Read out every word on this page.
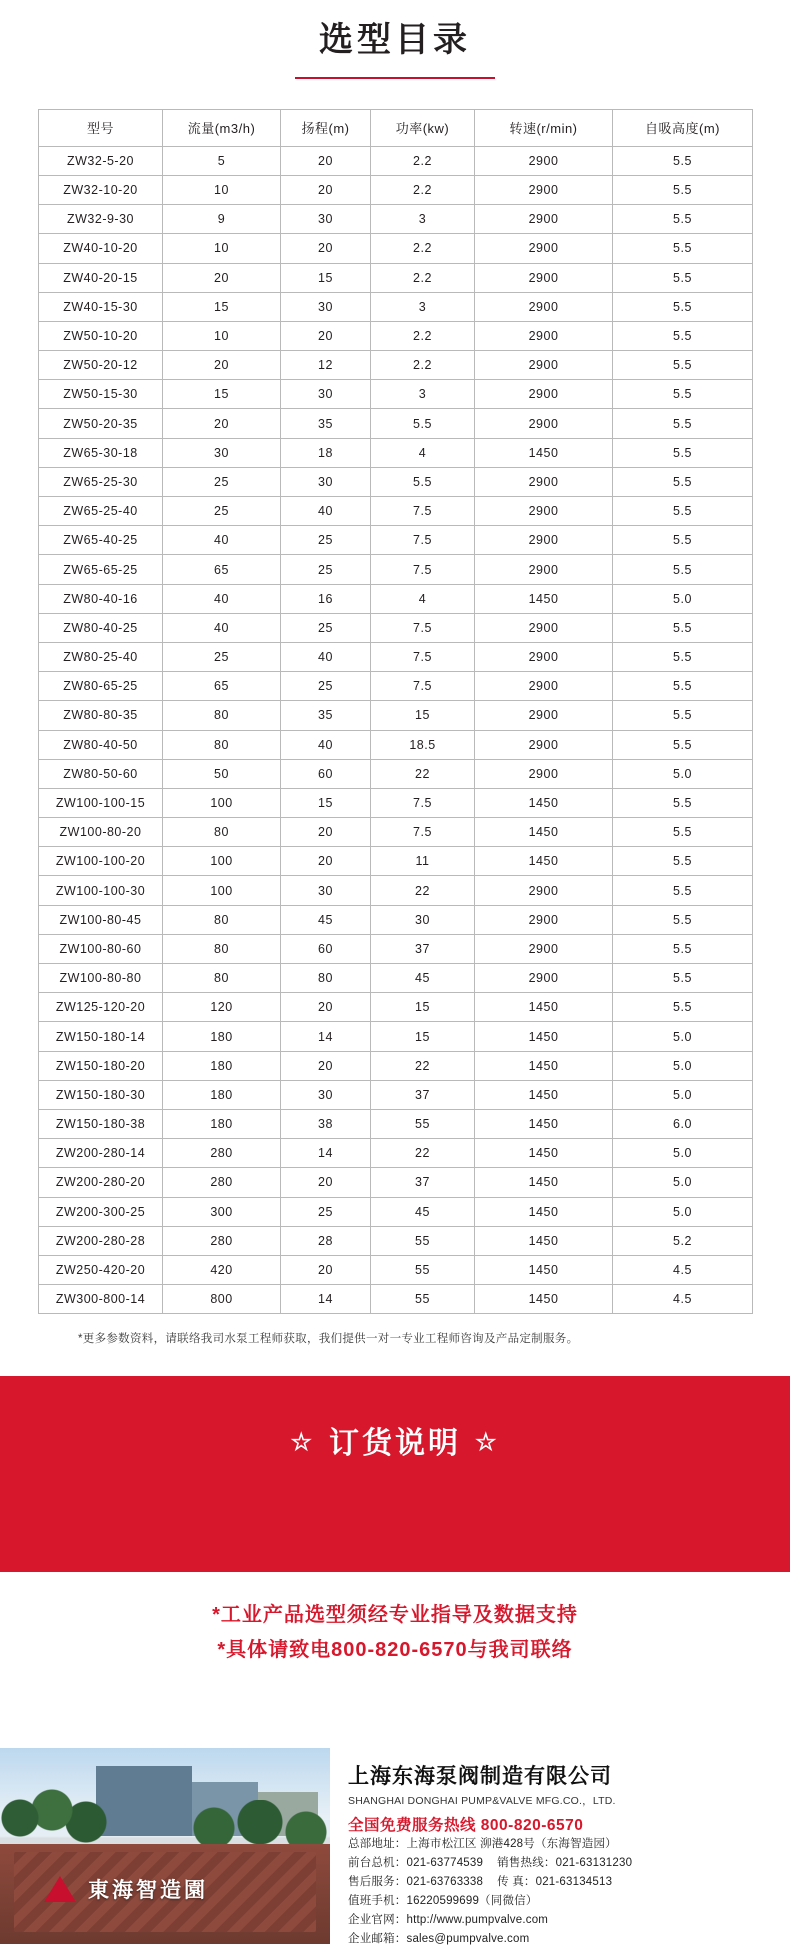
选型目录
型号	流量(m3/h)	扬程(m)	功率(kw)	转速(r/min)	自吸高度(m)
ZW32-5-20	5	20	2.2	2900	5.5
ZW32-10-20	10	20	2.2	2900	5.5
ZW32-9-30	9	30	3	2900	5.5
ZW40-10-20	10	20	2.2	2900	5.5
ZW40-20-15	20	15	2.2	2900	5.5
ZW40-15-30	15	30	3	2900	5.5
ZW50-10-20	10	20	2.2	2900	5.5
ZW50-20-12	20	12	2.2	2900	5.5
ZW50-15-30	15	30	3	2900	5.5
ZW50-20-35	20	35	5.5	2900	5.5
ZW65-30-18	30	18	4	1450	5.5
ZW65-25-30	25	30	5.5	2900	5.5
ZW65-25-40	25	40	7.5	2900	5.5
ZW65-40-25	40	25	7.5	2900	5.5
ZW65-65-25	65	25	7.5	2900	5.5
ZW80-40-16	40	16	4	1450	5.0
ZW80-40-25	40	25	7.5	2900	5.5
ZW80-25-40	25	40	7.5	2900	5.5
ZW80-65-25	65	25	7.5	2900	5.5
ZW80-80-35	80	35	15	2900	5.5
ZW80-40-50	80	40	18.5	2900	5.5
ZW80-50-60	50	60	22	2900	5.0
ZW100-100-15	100	15	7.5	1450	5.5
ZW100-80-20	80	20	7.5	1450	5.5
ZW100-100-20	100	20	11	1450	5.5
ZW100-100-30	100	30	22	2900	5.5
ZW100-80-45	80	45	30	2900	5.5
ZW100-80-60	80	60	37	2900	5.5
ZW100-80-80	80	80	45	2900	5.5
ZW125-120-20	120	20	15	1450	5.5
ZW150-180-14	180	14	15	1450	5.0
ZW150-180-20	180	20	22	1450	5.0
ZW150-180-30	180	30	37	1450	5.0
ZW150-180-38	180	38	55	1450	6.0
ZW200-280-14	280	14	22	1450	5.0
ZW200-280-20	280	20	37	1450	5.0
ZW200-300-25	300	25	45	1450	5.0
ZW200-280-28	280	28	55	1450	5.2
ZW250-420-20	420	20	55	1450	4.5
ZW300-800-14	800	14	55	1450	4.5
*更多参数资料，请联络我司水泵工程师获取，我们提供一对一专业工程师咨询及产品定制服务。
☆ 订货说明 ☆
*工业产品选型须经专业指导及数据支持
*具体请致电800-820-6570与我司联络
東海智造園
上海东海泵阀制造有限公司
SHANGHAI DONGHAI PUMP&VALVE MFG.CO.，LTD.
全国免费服务热线 800-820-6570
总部地址：上海市松江区 泖港428号（东海智造园）
前台总机：021-63774539 销售热线：021-63131230
售后服务：021-63763338 传 真：021-63134513
值班手机：16220599699（同微信）
企业官网：http://www.pumpvalve.com
企业邮箱：sales@pumpvalve.com
